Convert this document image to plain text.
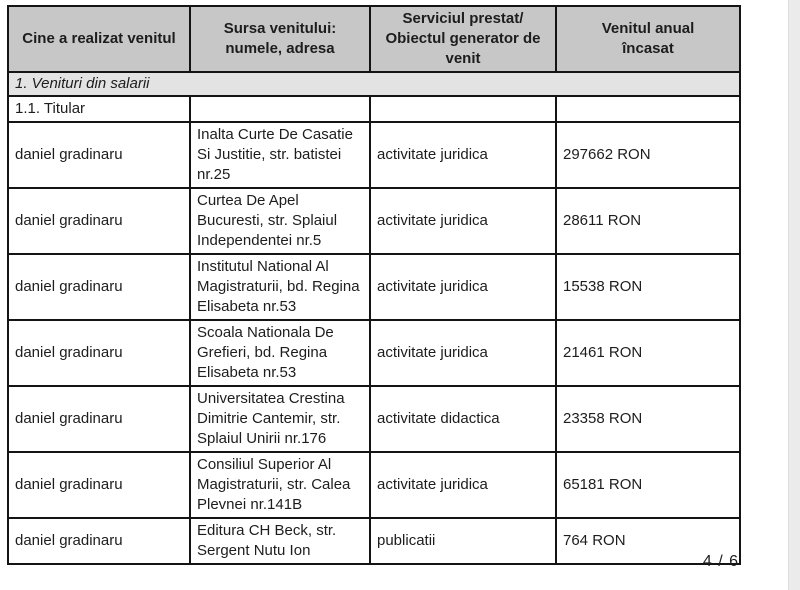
Cine a realizat venitul	Sursa venitului: numele, adresa	Serviciul prestat/ Obiectul generator de venit	Venitul anual încasat
1. Venituri din salarii			
1.1. Titular			
daniel gradinaru	Inalta Curte De Casatie Si Justitie, str. batistei nr.25	activitate juridica	297662 RON
daniel gradinaru	Curtea De Apel Bucuresti, str. Splaiul Independentei nr.5	activitate juridica	28611 RON
daniel gradinaru	Institutul National Al Magistraturii, bd. Regina Elisabeta nr.53	activitate juridica	15538 RON
daniel gradinaru	Scoala Nationala De Grefieri, bd. Regina Elisabeta nr.53	activitate juridica	21461 RON
daniel gradinaru	Universitatea Crestina Dimitrie Cantemir, str. Splaiul Unirii nr.176	activitate didactica	23358 RON
daniel gradinaru	Consiliul Superior Al Magistraturii, str. Calea Plevnei nr.141B	activitate juridica	65181 RON
daniel gradinaru	Editura CH Beck, str. Sergent Nutu Ion	publicatii	764 RON
4 / 6
